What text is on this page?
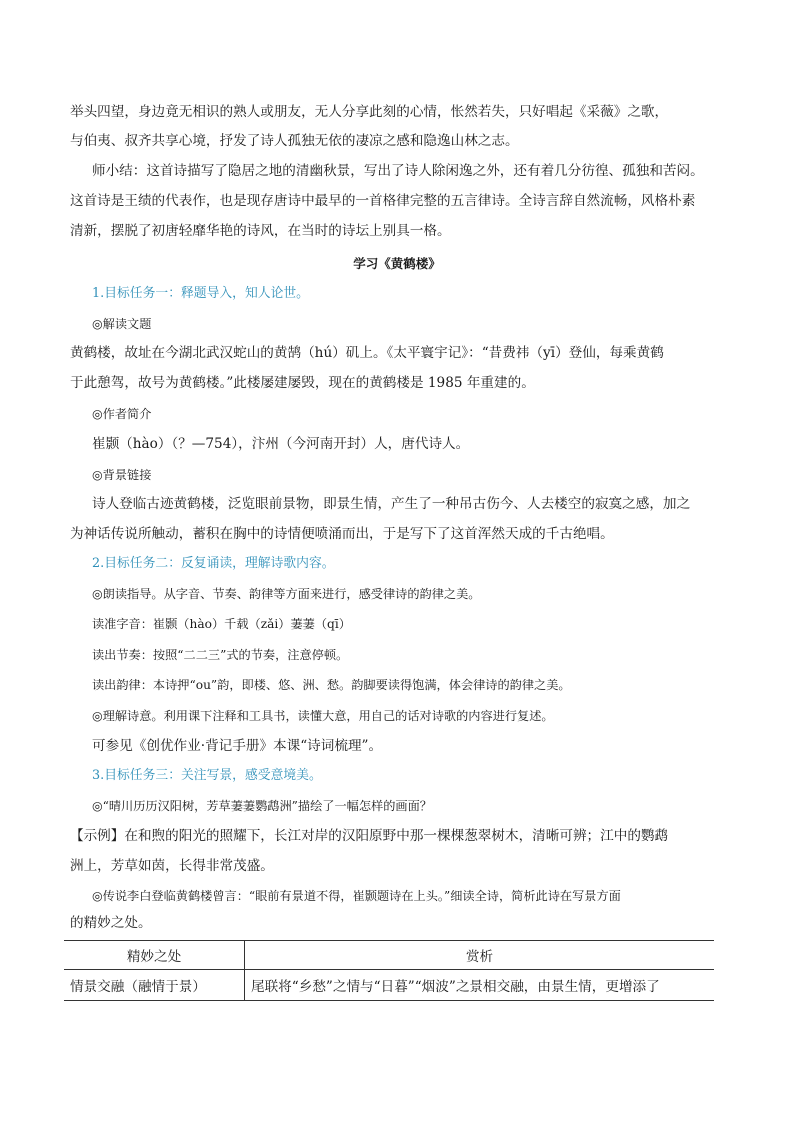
举头四望，身边竟无相识的熟人或朋友，无人分享此刻的心情，怅然若失，只好唱起《采薇》之歌，
与伯夷、叔齐共享心境，抒发了诗人孤独无依的凄凉之感和隐逸山林之志。
师小结：这首诗描写了隐居之地的清幽秋景，写出了诗人除闲逸之外，还有着几分彷徨、孤独和苦闷。
这首诗是王绩的代表作，也是现存唐诗中最早的一首格律完整的五言律诗。全诗言辞自然流畅，风格朴素
清新，摆脱了初唐轻靡华艳的诗风，在当时的诗坛上别具一格。
学习《黄鹤楼》
1.目标任务一：释题导入，知人论世。
◎解读文题
黄鹤楼，故址在今湖北武汉蛇山的黄鹄（hú）矶上。《太平寰宇记》：“昔费祎（yī）登仙，每乘黄鹤
于此憩驾，故号为黄鹤楼。”此楼屡建屡毁，现在的黄鹤楼是 1985 年重建的。
◎作者简介
崔颢（hào）（？—754），汴州（今河南开封）人，唐代诗人。
◎背景链接
诗人登临古迹黄鹤楼，泛览眼前景物，即景生情，产生了一种吊古伤今、人去楼空的寂寞之感，加之
为神话传说所触动，蓄积在胸中的诗情便喷涌而出，于是写下了这首浑然天成的千古绝唱。
2.目标任务二：反复诵读，理解诗歌内容。
◎朗读指导。从字音、节奏、韵律等方面来进行，感受律诗的韵律之美。
读准字音：崔颢（hào）千载（zǎi）萋萋（qī）
读出节奏：按照“二二三”式的节奏，注意停顿。
读出韵律：本诗押“ou”韵，即楼、悠、洲、愁。韵脚要读得饱满，体会律诗的韵律之美。
◎理解诗意。利用课下注释和工具书，读懂大意，用自己的话对诗歌的内容进行复述。
可参见《创优作业·背记手册》本课“诗词梳理”。
3.目标任务三：关注写景，感受意境美。
◎“晴川历历汉阳树，芳草萋萋鹦鹉洲”描绘了一幅怎样的画面？
【示例】在和煦的阳光的照耀下，长江对岸的汉阳原野中那一棵棵葱翠树木，清晰可辨；江中的鹦鹉
洲上，芳草如茵，长得非常茂盛。
◎传说李白登临黄鹤楼曾言：“眼前有景道不得，崔颢题诗在上头。”细读全诗，简析此诗在写景方面
的精妙之处。
精妙之处	赏析
情景交融（融情于景）	尾联将“乡愁”之情与“日暮”“烟波”之景相交融，由景生情，更增添了
